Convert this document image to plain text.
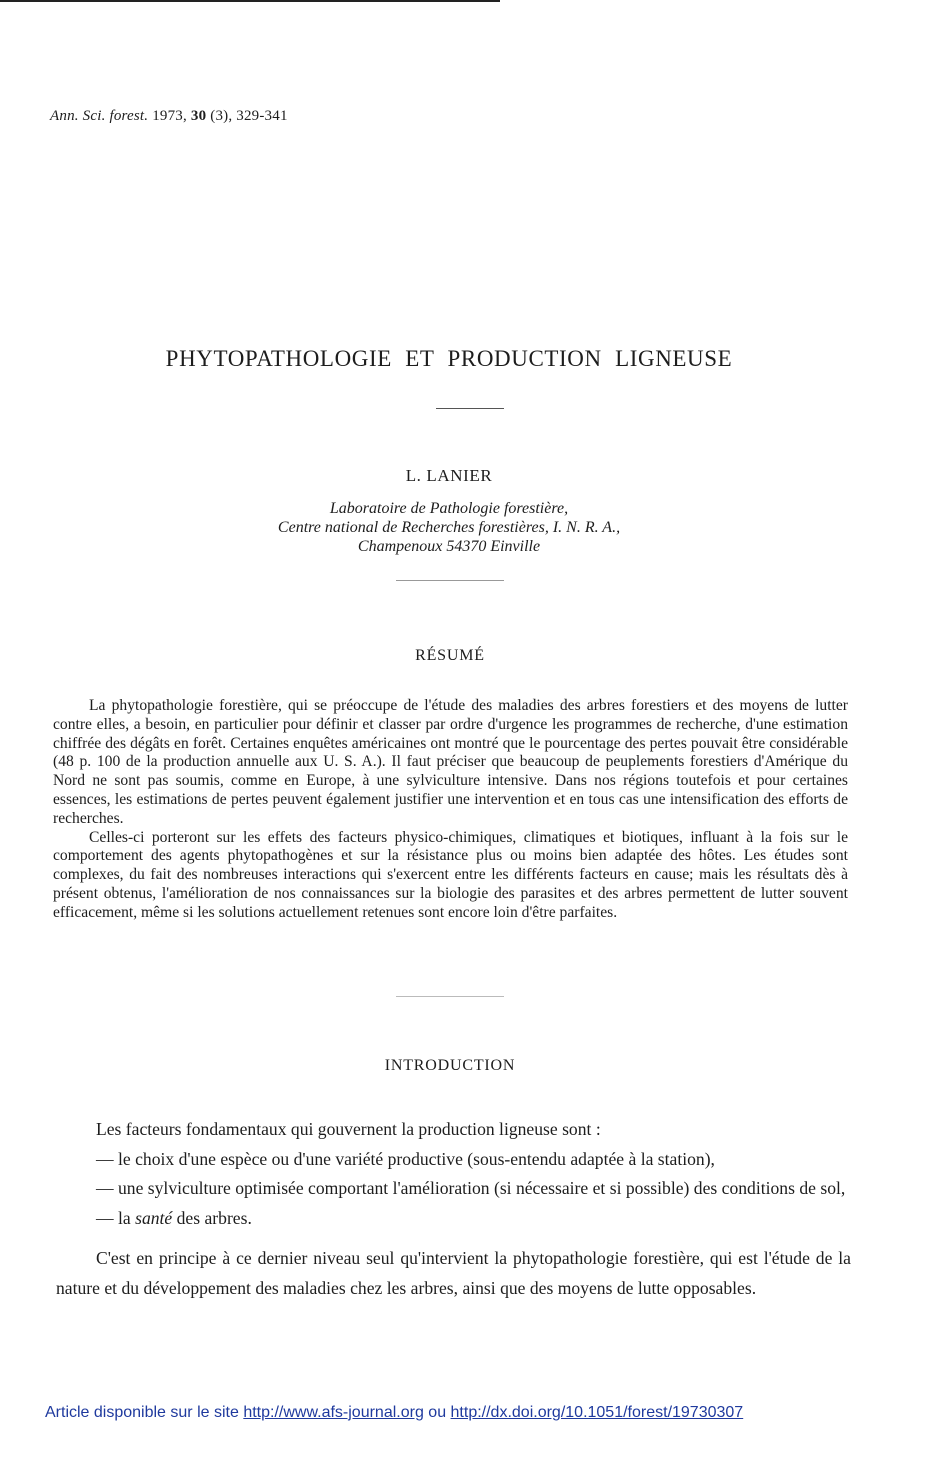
Ann. Sci. forest. 1973, 30 (3), 329-341
PHYTOPATHOLOGIE ET PRODUCTION LIGNEUSE
L. LANIER
Laboratoire de Pathologie forestière,
Centre national de Recherches forestières, I. N. R. A.,
Champenoux 54370 Einville
RÉSUMÉ

La phytopathologie forestière, qui se préoccupe de l'étude des maladies des arbres forestiers et des moyens de lutter contre elles, a besoin, en particulier pour définir et classer par ordre d'urgence les programmes de recherche, d'une estimation chiffrée des dégâts en forêt. Certaines enquêtes américaines ont montré que le pourcentage des pertes pouvait être considérable (48 p. 100 de la production annuelle aux U. S. A.). Il faut préciser que beaucoup de peuplements forestiers d'Amérique du Nord ne sont pas soumis, comme en Europe, à une sylviculture intensive. Dans nos régions toutefois et pour certaines essences, les estimations de pertes peuvent également justifier une intervention et en tous cas une intensification des efforts de recherches.

Celles-ci porteront sur les effets des facteurs physico-chimiques, climatiques et biotiques, influant à la fois sur le comportement des agents phytopathogènes et sur la résistance plus ou moins bien adaptée des hôtes. Les études sont complexes, du fait des nombreuses interactions qui s'exercent entre les différents facteurs en cause; mais les résultats dès à présent obtenus, l'amélioration de nos connaissances sur la biologie des parasites et des arbres permettent de lutter souvent efficacement, même si les solutions actuellement retenues sont encore loin d'être parfaites.

INTRODUCTION

Les facteurs fondamentaux qui gouvernent la production ligneuse sont :

— le choix d'une espèce ou d'une variété productive (sous-entendu adaptée à la station),

— une sylviculture optimisée comportant l'amélioration (si nécessaire et si possible) des conditions de sol,

— la santé des arbres.

C'est en principe à ce dernier niveau seul qu'intervient la phytopathologie forestière, qui est l'étude de la nature et du développement des maladies chez les arbres, ainsi que des moyens de lutte opposables.

Article disponible sur le site http://www.afs-journal.org ou http://dx.doi.org/10.1051/forest/19730307
